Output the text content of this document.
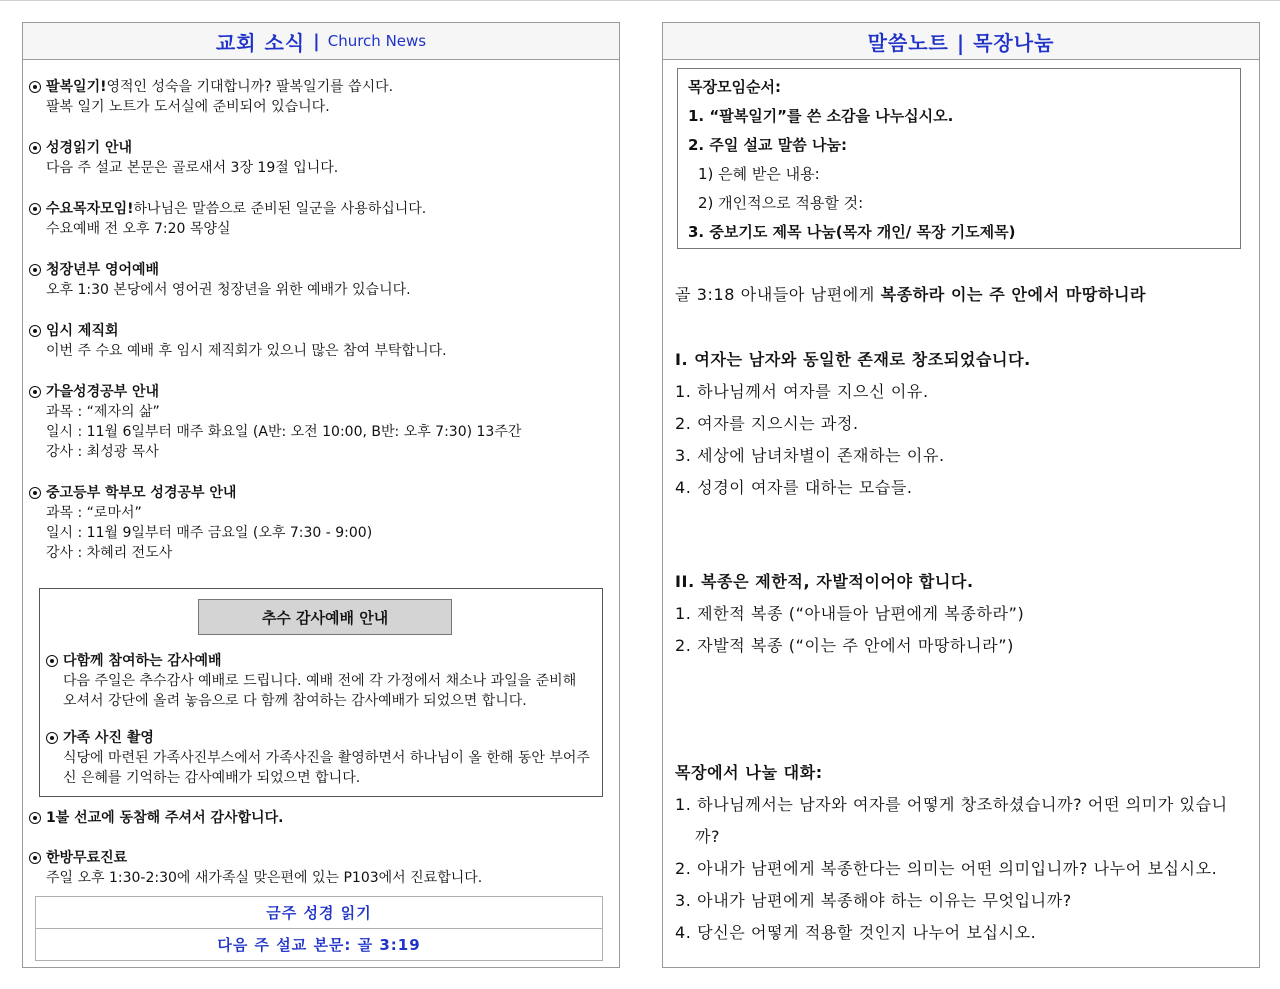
교회 소식 | Church News
팔복일기! 영적인 성숙을 기대합니까? 팔복일기를 씁시다.
팔복 일기 노트가 도서실에 준비되어 있습니다.
성경읽기 안내
다음 주 설교 본문은 골로새서 3장 19절 입니다.
수요목자모임! 하나님은 말씀으로 준비된 일군을 사용하십니다.
수요예배 전 오후 7:20 목양실
청장년부 영어예배
오후 1:30 본당에서 영어권 청장년을 위한 예배가 있습니다.
임시 제직회
이번 주 수요 예배 후 임시 제직회가 있으니 많은 참여 부탁합니다.
가을성경공부 안내
과목 : “제자의 삶”
일시 : 11월 6일부터 매주 화요일 (A반: 오전 10:00, B반: 오후 7:30) 13주간
강사 : 최성광 목사
중고등부 학부모 성경공부 안내
과목 : “로마서”
일시 : 11월 9일부터 매주 금요일 (오후 7:30 - 9:00)
강사 : 차혜리 전도사
추수 감사예배 안내
다함께 참여하는 감사예배
다음 주일은 추수감사 예배로 드립니다. 예배 전에 각 가정에서 채소나 과일을 준비해 오셔서 강단에 올려 놓음으로 다 함께 참여하는 감사예배가 되었으면 합니다.
가족 사진 촬영
식당에 마련된 가족사진부스에서 가족사진을 촬영하면서 하나님이 올 한해 동안 부어주신 은혜를 기억하는 감사예배가 되었으면 합니다.
1불 선교에 동참해 주셔서 감사합니다.
한방무료진료
주일 오후 1:30-2:30에 새가족실 맞은편에 있는 P103에서 진료합니다.
금주 성경 읽기
다음 주 설교 본문: 골 3:19
말씀노트 | 목장나눔
목장모임순서:
1. “팔복일기”를 쓴 소감을 나누십시오.
2. 주일 설교 말씀 나눔:
1) 은혜 받은 내용:
2) 개인적으로 적용할 것:
3. 중보기도 제목 나눔(목자 개인/ 목장 기도제목)
골 3:18 아내들아 남편에게 복종하라 이는 주 안에서 마땅하니라
I. 여자는 남자와 동일한 존재로 창조되었습니다.
1. 하나님께서 여자를 지으신 이유.
2. 여자를 지으시는 과정.
3. 세상에 남녀차별이 존재하는 이유.
4. 성경이 여자를 대하는 모습들.
II. 복종은 제한적, 자발적이어야 합니다.
1. 제한적 복종 (“아내들아 남편에게 복종하라”)
2. 자발적 복종 (“이는 주 안에서 마땅하니라”)
목장에서 나눌 대화:
1. 하나님께서는 남자와 여자를 어떻게 창조하셨습니까? 어떤 의미가 있습니까?
2. 아내가 남편에게 복종한다는 의미는 어떤 의미입니까? 나누어 보십시오.
3. 아내가 남편에게 복종해야 하는 이유는 무엇입니까?
4. 당신은 어떻게 적용할 것인지 나누어 보십시오.
